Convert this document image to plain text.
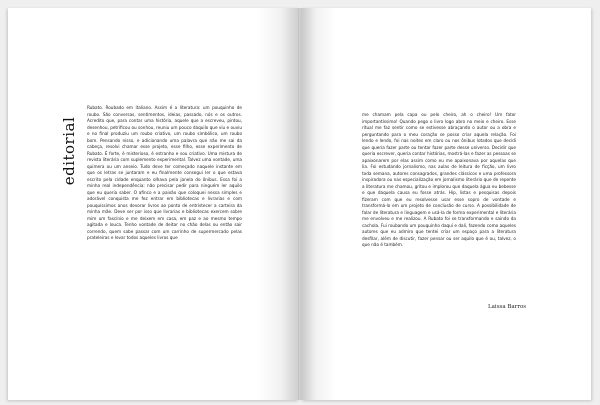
editorial
Rubato. Roubado em italiano. Assim é a literatura: um pouquinho de roubo. São conversas, sentimentos, ideias, passado, nós e os outros. Acredito que, para contar uma história, aquele que a escreveu, pintou, desenhou, petrificou ou sonhou, reuniu um pouco daquilo que viu e ouviu e no final produziu um roubo criativo, um roubo simbólico, um roubo bom. Pensando nisso, e adicionando uma palavra que não me sai da cabeça, resolvi chamar esse projeto, esse filho, esse experimento de Rubato. É forte, é misterioso, é estranho e sou criativo. Uma mistura de revista literária com suplemento experimental. Talvez uma vontade, uma quimera ou um anseio. Tudo deve ter começado naquele instante em que os letras se juntaram e eu finalmente consegui ler o que estava escrito pela cidade enquanto olhava pela janela do ônibus. Essa foi a minha real independência: não precisar pedir para ninguém ler aquilo que eu queria saber. O afinco e a paixão que coloquei nessa simples e adorável conquista me fez entrar em bibliotecas e livrarias e com pouquíssimos anos devorar livros ao ponto de entristecer a carteira da minha mãe. Deve ser por isso que livrarias e bibliotecas exercem sobre mim um fascínio e me deixem em casa, em paz e ao mesmo tempo agitada e louca. Tenho vontade de deitar no chão delas ou então sair correndo, quem sabe passar com um carrinho de supermercado pelas prateleiras e levar todos aqueles livros que
me chamam pela capa ou pelo cheiro, ah o cheiro! Um fator importantíssimo! Quando pego o livro logo abro no meio e cheiro. Esse ritual me faz sentir como se estivesse abraçando o autor ou a obra e perguntando para o meu coração se posso criar aquela relação. Foi lendo e lendo, foi nas noites em claro ou nos ônibus lotados que decidi que queria fazer parte ou tentar fazer parte desse universo. Decidir que queria escrever, queria contar histórias, mostrá-las e fazer as pessoas se apaixonarem por elas assim como eu me apaixonava por aquelas que lia. Foi estudando jornalismo, nas aulas de leitura de ficção, um livro toda semana, autores consagrados, grandes clássicos e uma professora inspiradora ou nas especialização em jornalismo literário que de repente a literatura me chamou, gritou e implorou que daquela água eu bebesse e que daquela causa eu fosse atrás. Hip, listas e pesquisas depois fizeram com que eu resolvesse usar esse sopro de vontade e transformá-lo em um projeto de conclusão de curso. A possibilidade de falar de literatura e linguagem e usá-la de forma experimental e literária me envolveu e me realizou. A Rubato foi se transformando e saindo da cachola. Fui roubando um pouquinho daqui e dali, fazendo como aqueles autores que eu admiro que tentei criar um espaço para a literatura desfilar, além de discutir, fazer pensar ou ser aquilo que é ou, talvez, o que não é também.
Laissa Barros
